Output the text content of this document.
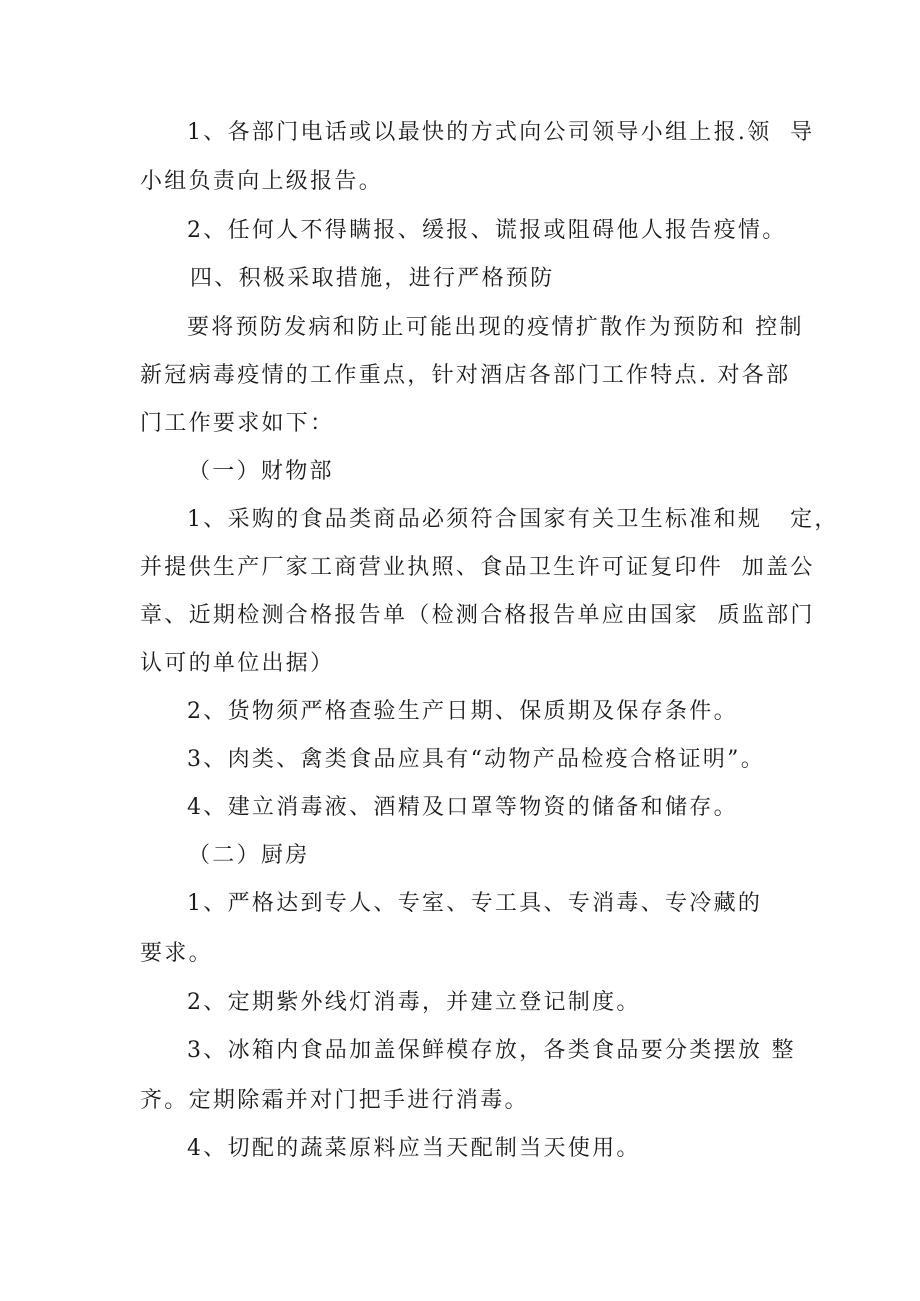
1、各部门电话或以最快的方式向公司领导小组上报.领  导
小组负责向上级报告。
2、任何人不得瞒报、缓报、谎报或阻碍他人报告疫情。
四、积极采取措施，进行严格预防
要将预防发病和防止可能出现的疫情扩散作为预防和 控制
新冠病毒疫情的工作重点，针对酒店各部门工作特点. 对各部
门工作要求如下：
（一）财物部
1、采购的食品类商品必须符合国家有关卫生标准和规   定，
并提供生产厂家工商营业执照、食品卫生许可证复印件  加盖公
章、近期检测合格报告单（检测合格报告单应由国家  质监部门
认可的单位出据）
2、货物须严格查验生产日期、保质期及保存条件。
3、肉类、禽类食品应具有“动物产品检疫合格证明”。
4、建立消毒液、酒精及口罩等物资的储备和储存。
（二）厨房
1、严格达到专人、专室、专工具、专消毒、专冷藏的
要求。
2、定期紫外线灯消毒，并建立登记制度。
3、冰箱内食品加盖保鲜模存放，各类食品要分类摆放 整
齐。定期除霜并对门把手进行消毒。
4、切配的蔬菜原料应当天配制当天使用。
